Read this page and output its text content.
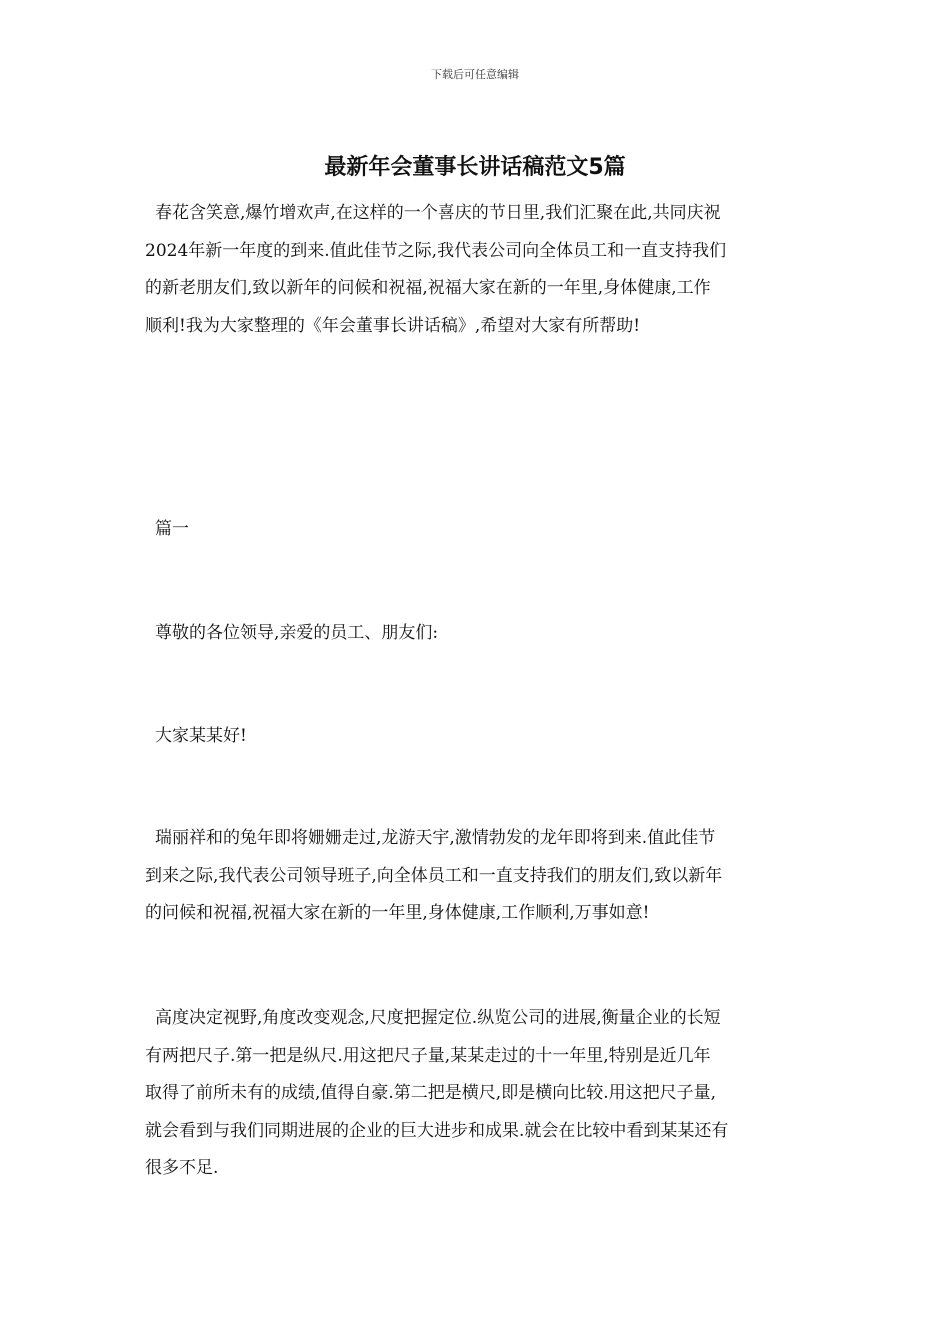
下载后可任意编辑
最新年会董事长讲话稿范文5篇
春花含笑意,爆竹增欢声,在这样的一个喜庆的节日里,我们汇聚在此,共同庆祝
2024年新一年度的到来.值此佳节之际,我代表公司向全体员工和一直支持我们
的新老朋友们,致以新年的问候和祝福,祝福大家在新的一年里,身体健康,工作
顺利!我为大家整理的《年会董事长讲话稿》,希望对大家有所帮助!
篇一
尊敬的各位领导,亲爱的员工、朋友们:
大家某某好!
瑞丽祥和的兔年即将姗姗走过,龙游天宇,激情勃发的龙年即将到来.值此佳节
到来之际,我代表公司领导班子,向全体员工和一直支持我们的朋友们,致以新年
的问候和祝福,祝福大家在新的一年里,身体健康,工作顺利,万事如意!
高度决定视野,角度改变观念,尺度把握定位.纵览公司的进展,衡量企业的长短
有两把尺子.第一把是纵尺.用这把尺子量,某某走过的十一年里,特别是近几年
取得了前所未有的成绩,值得自豪.第二把是横尺,即是横向比较.用这把尺子量,
就会看到与我们同期进展的企业的巨大进步和成果.就会在比较中看到某某还有
很多不足.
